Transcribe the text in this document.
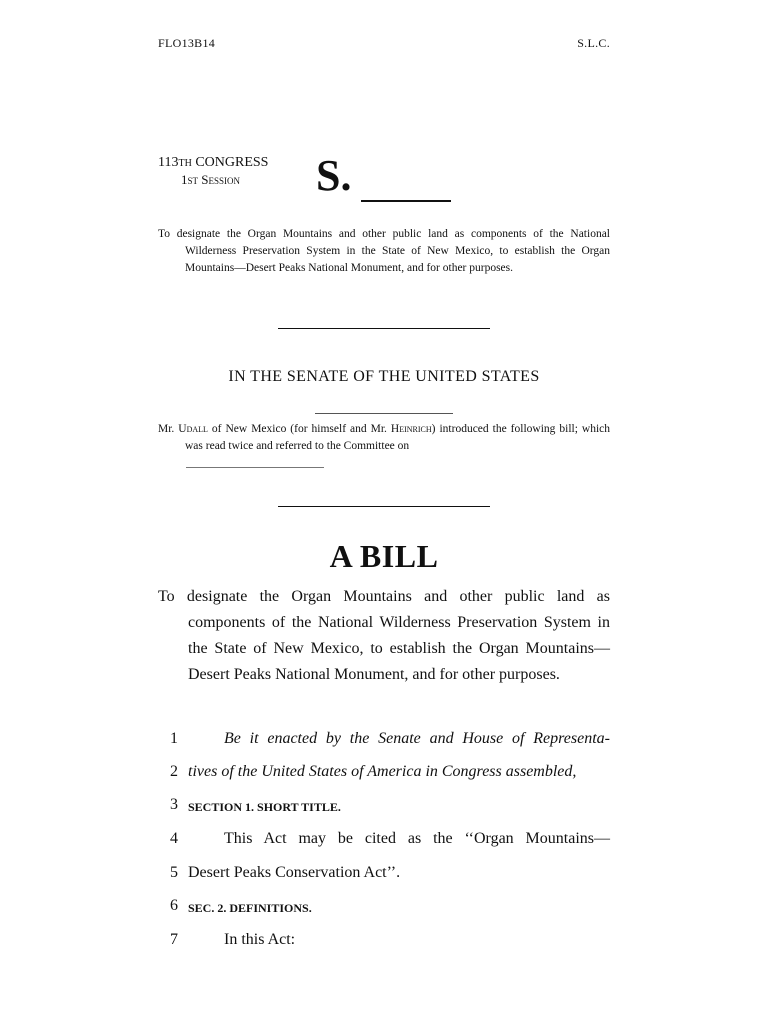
FLO13B14	S.L.C.
113TH CONGRESS
1ST Session S.
To designate the Organ Mountains and other public land as components of the National Wilderness Preservation System in the State of New Mexico, to establish the Organ Mountains—Desert Peaks National Monument, and for other purposes.
IN THE SENATE OF THE UNITED STATES
Mr. Udall of New Mexico (for himself and Mr. Heinrich) introduced the following bill; which was read twice and referred to the Committee on
A BILL
To designate the Organ Mountains and other public land as components of the National Wilderness Preservation System in the State of New Mexico, to establish the Organ Mountains—Desert Peaks National Monument, and for other purposes.
1	Be it enacted by the Senate and House of Representa-
2 tives of the United States of America in Congress assembled,
3 SECTION 1. SHORT TITLE.
4	This Act may be cited as the ‘‘Organ Mountains—
5 Desert Peaks Conservation Act’’.
6 SEC. 2. DEFINITIONS.
7	In this Act:
